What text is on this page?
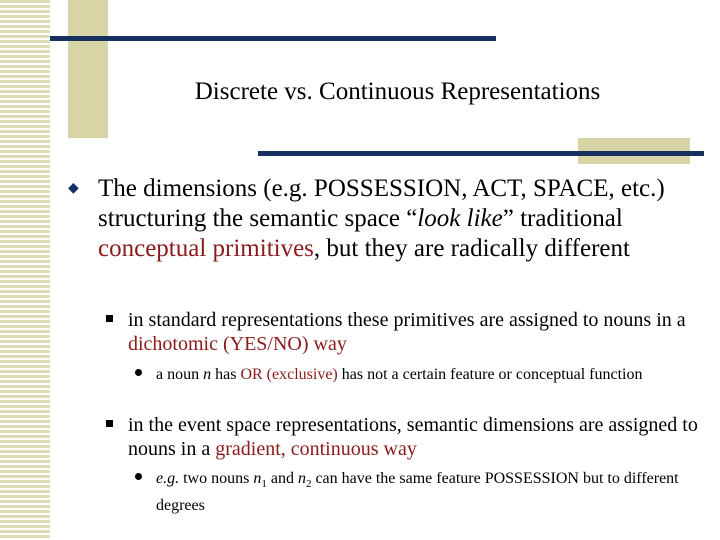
Discrete vs. Continuous Representations
◆ The dimensions (e.g. POSSESSION, ACT, SPACE, etc.) structuring the semantic space “look like” traditional conceptual primitives, but they are radically different
in standard representations these primitives are assigned to nouns in a dichotomic (YES/NO) way
a noun n has OR (exclusive) has not a certain feature or conceptual function
in the event space representations, semantic dimensions are assigned to nouns in a gradient, continuous way
e.g. two nouns $n_1$ and $n_2$ can have the same feature POSSESSION but to different degrees
